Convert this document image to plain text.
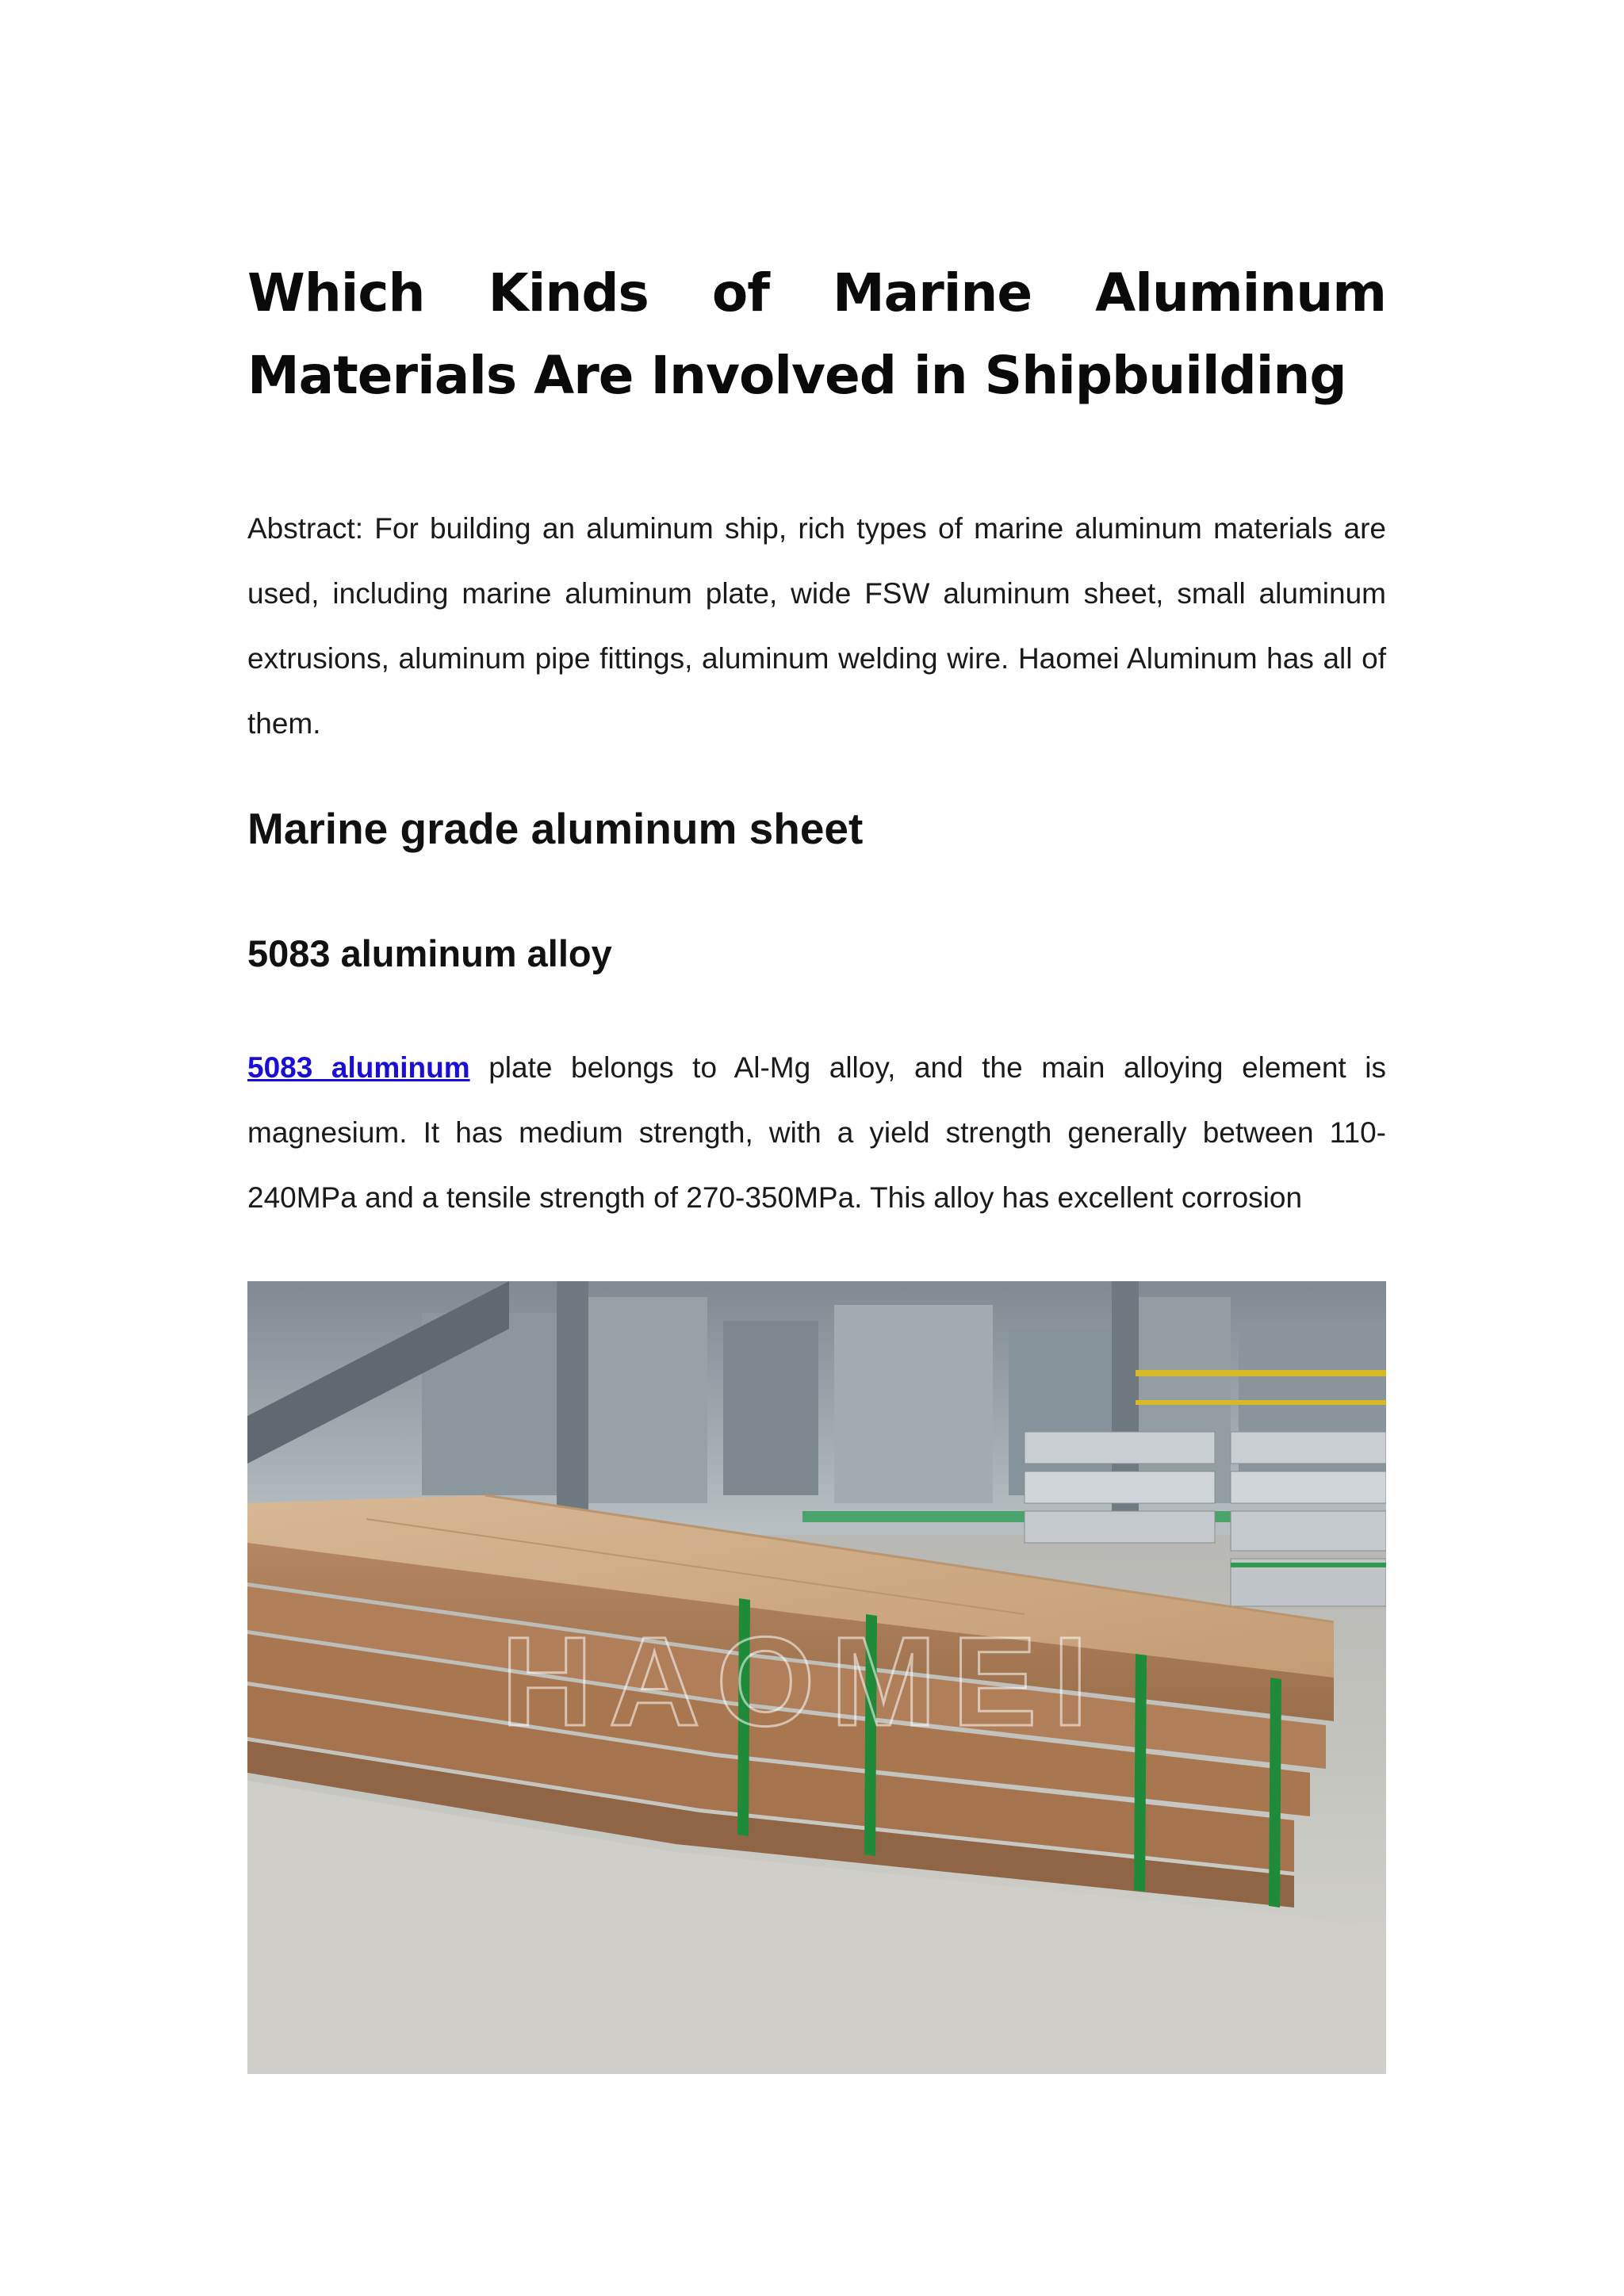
Which Kinds of Marine Aluminum Materials Are Involved in Shipbuilding

Abstract: For building an aluminum ship, rich types of marine aluminum materials are used, including marine aluminum plate, wide FSW aluminum sheet, small aluminum extrusions, aluminum pipe fittings, aluminum welding wire. Haomei Aluminum has all of them.

Marine grade aluminum sheet
5083 aluminum alloy

5083 aluminum plate belongs to Al-Mg alloy, and the main alloying element is magnesium. It has medium strength, with a yield strength generally between 110-240MPa and a tensile strength of 270-350MPa. This alloy has excellent corrosion

HAOMEI
